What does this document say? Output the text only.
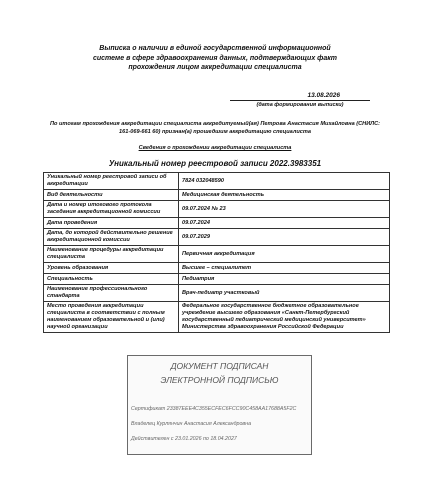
Выписка о наличии в единой государственной информационной
системе в сфере здравоохранения данных, подтверждающих факт
прохождения лицом аккредитации специалиста
13.08.2026
(дата формирования выписки)
По итогам прохождения аккредитации специалиста аккредитуемый(ая) Петрова Анастасия Михайловна (СНИЛС:
161-069-661 60) признан(а) прошедшим аккредитацию специалиста
Сведения о прохождении аккредитации специалиста
Уникальный номер реестровой записи 2022.3983351
Уникальный номер реестровой записи об аккредитации	7824 032048590
Вид деятельности	Медицинская деятельность
Дата и номер итогового протокола заседания аккредитационной комиссии	09.07.2024 № 23
Дата проведения	09.07.2024
Дата, до которой действительно решение аккредитационной комиссии	09.07.2029
Наименование процедуры аккредитации специалиста	Первичная аккредитация
Уровень образования	Высшее – специалитет
Специальность	Педиатрия
Наименование профессионального стандарта	Врач-педиатр участковый
Место проведения аккредитации специалиста в соответствии с полным наименованием образовательной и (или) научной организации	Федеральное государственное бюджетное образовательное учреждение высшего образования «Санкт-Петербургский государственный педиатрический медицинский университет» Министерства здравоохранения Российской Федерации
ДОКУМЕНТ ПОДПИСАН
ЭЛЕКТРОННОЙ ПОДПИСЬЮ
Сертификат 23387EEE4C355ECFEC6FCC90C458AA17688A5F2C
Владелец Курлянчин Анастасия Александровна
Действителен с 23.01.2026 по 18.04.2027
